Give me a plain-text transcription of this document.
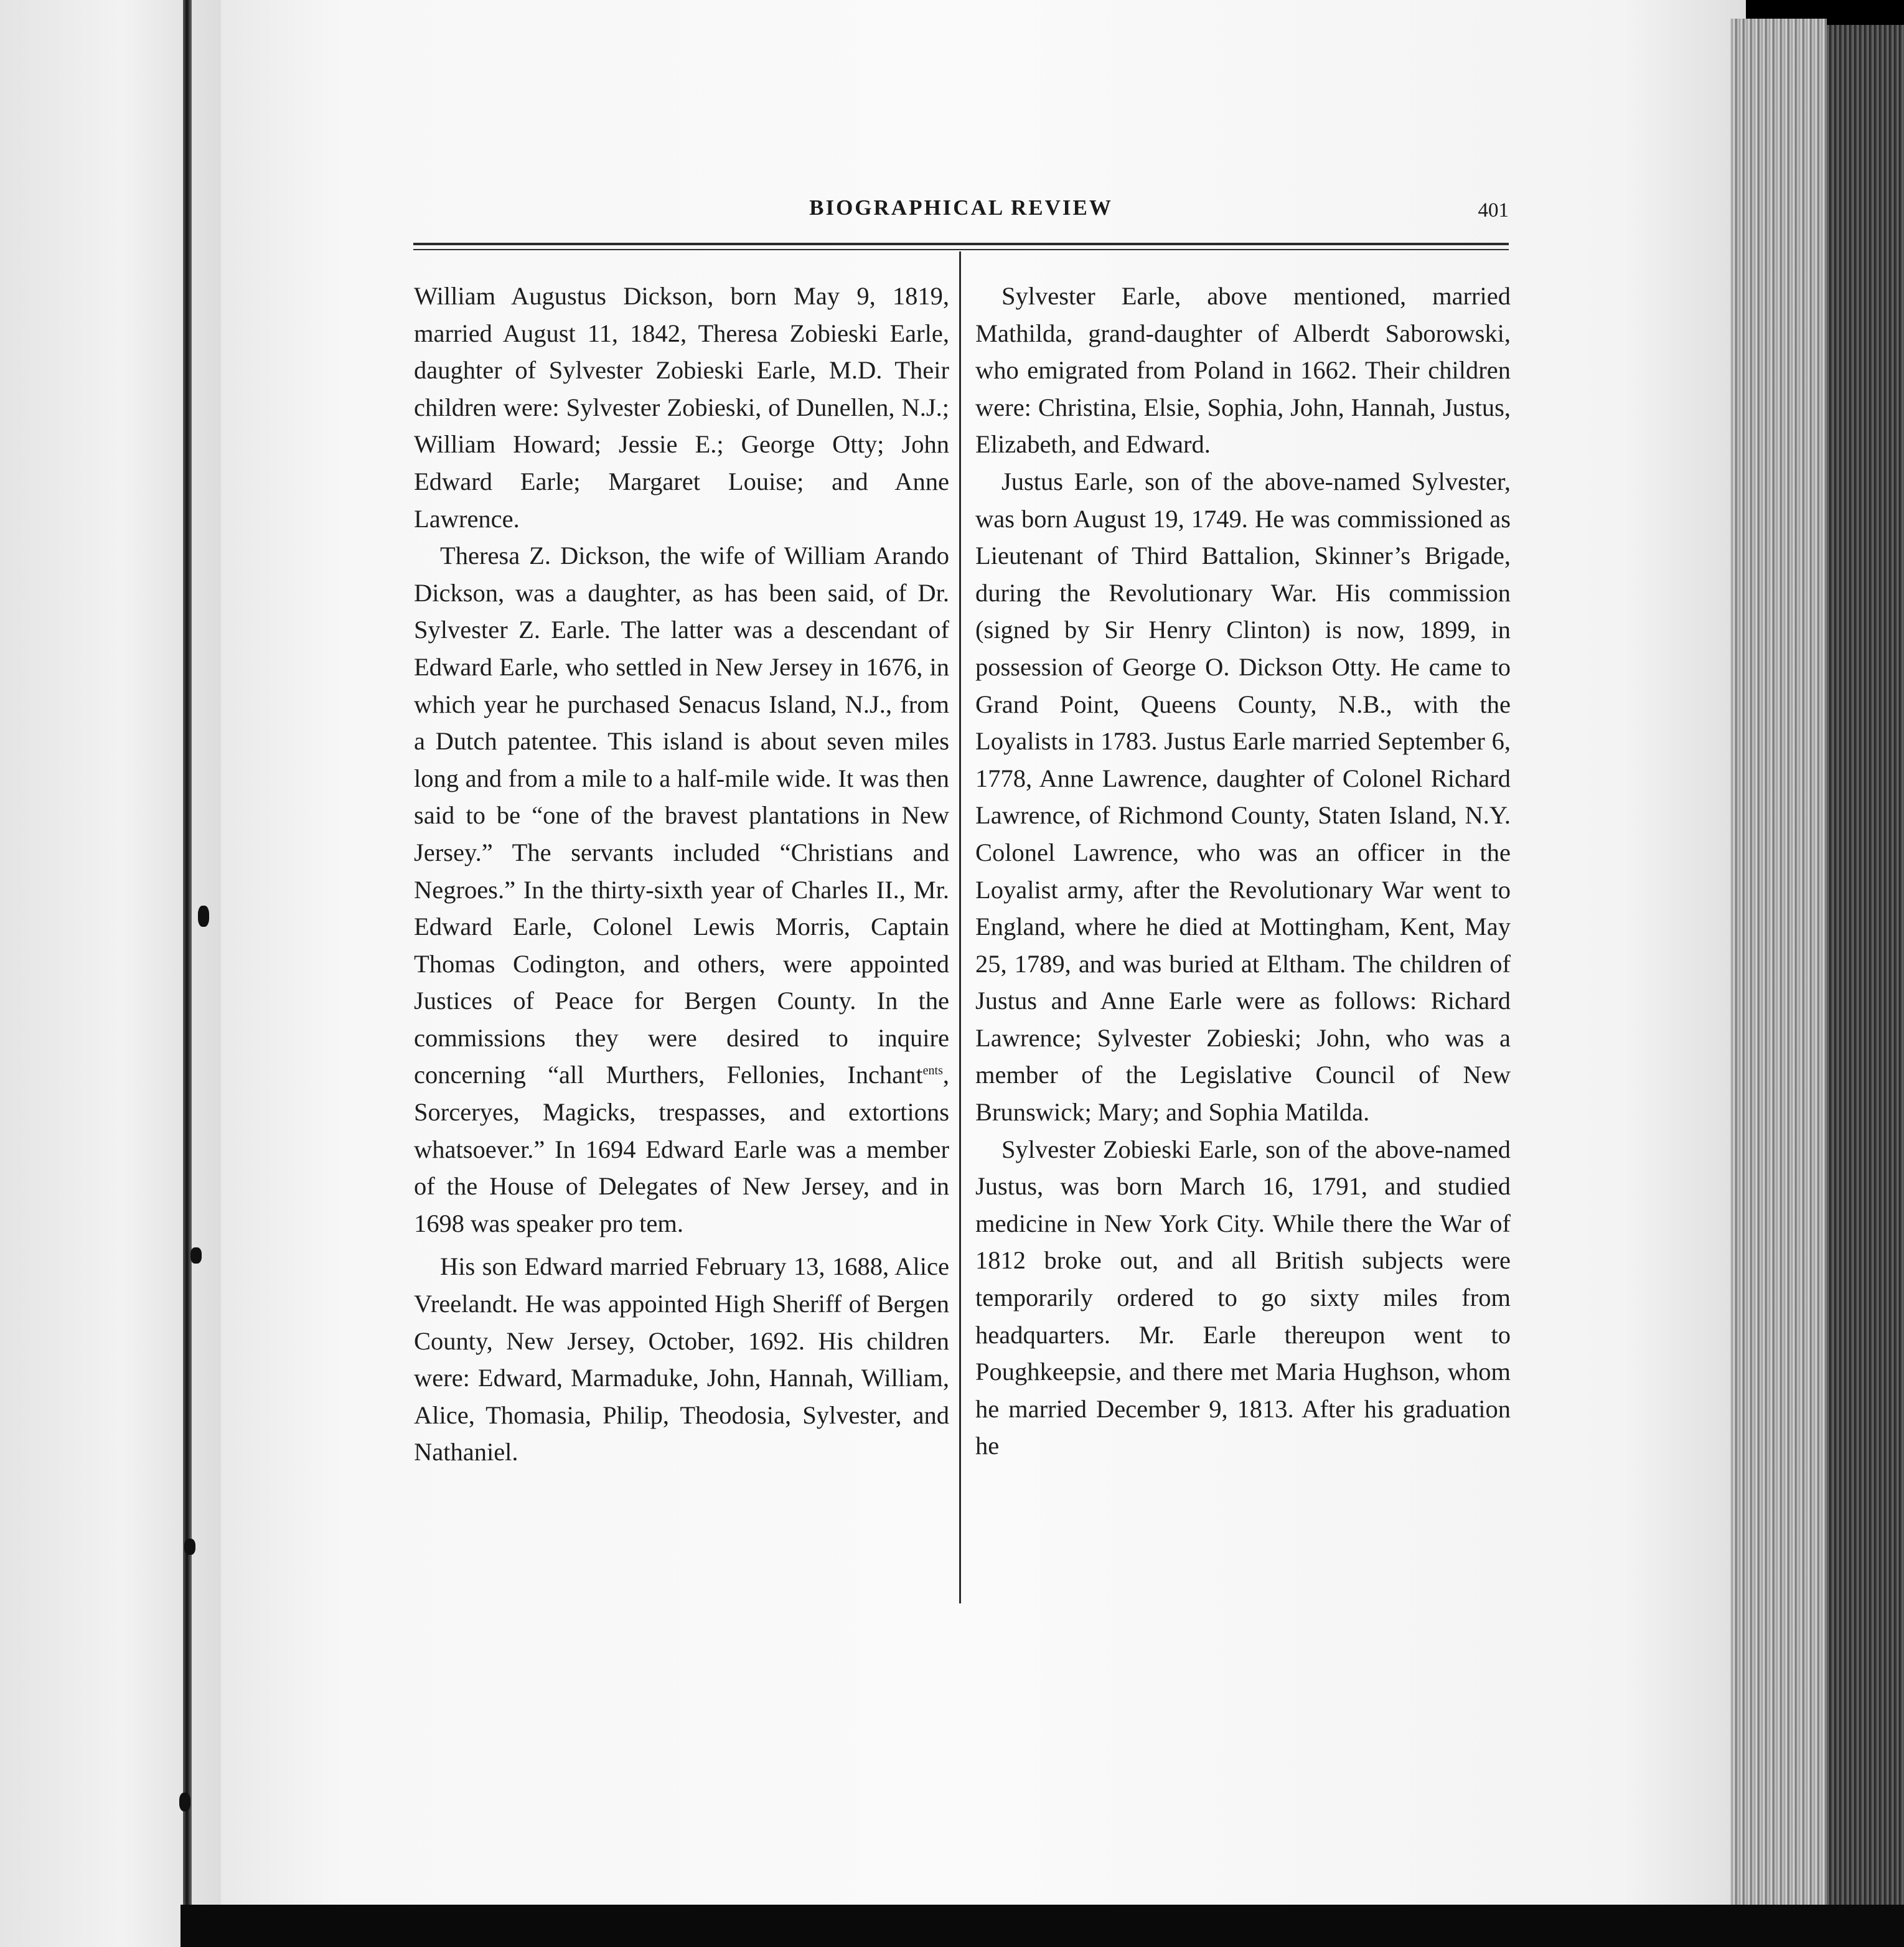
BIOGRAPHICAL REVIEW	401

William Augustus Dickson, born May 9, 1819, married August 11, 1842, Theresa Zobieski Earle, daughter of Sylvester Zobieski Earle, M.D. Their children were: Sylvester Zobieski, of Dunellen, N.J.; William Howard; Jessie E.; George Otty; John Edward Earle; Margaret Louise; and Anne Lawrence.

Theresa Z. Dickson, the wife of William Arando Dickson, was a daughter, as has been said, of Dr. Sylvester Z. Earle. The latter was a descendant of Edward Earle, who settled in New Jersey in 1676, in which year he purchased Senacus Island, N.J., from a Dutch patentee. This island is about seven miles long and from a mile to a half-mile wide. It was then said to be “one of the bravest plantations in New Jersey.” The servants included “Christians and Negroes.” In the thirty-sixth year of Charles II., Mr. Edward Earle, Colonel Lewis Morris, Captain Thomas Codington, and others, were appointed Justices of Peace for Bergen County. In the commissions they were desired to inquire concerning “all Murthers, Fellonies, Inchant$^{ents}$, Sorceryes, Magicks, trespasses, and extortions whatsoever.” In 1694 Edward Earle was a member of the House of Delegates of New Jersey, and in 1698 was speaker pro tem.

His son Edward married February 13, 1688, Alice Vreelandt. He was appointed High Sheriff of Bergen County, New Jersey, October, 1692. His children were: Edward, Marmaduke, John, Hannah, William, Alice, Thomasia, Philip, Theodosia, Sylvester, and Nathaniel.

Sylvester Earle, above mentioned, married Mathilda, grand-daughter of Alberdt Saborowski, who emigrated from Poland in 1662. Their children were: Christina, Elsie, Sophia, John, Hannah, Justus, Elizabeth, and Edward.

Justus Earle, son of the above-named Sylvester, was born August 19, 1749. He was commissioned as Lieutenant of Third Battalion, Skinner’s Brigade, during the Revolutionary War. His commission (signed by Sir Henry Clinton) is now, 1899, in possession of George O. Dickson Otty. He came to Grand Point, Queens County, N.B., with the Loyalists in 1783. Justus Earle married September 6, 1778, Anne Lawrence, daughter of Colonel Richard Lawrence, of Richmond County, Staten Island, N.Y. Colonel Lawrence, who was an officer in the Loyalist army, after the Revolutionary War went to England, where he died at Mottingham, Kent, May 25, 1789, and was buried at Eltham. The children of Justus and Anne Earle were as follows: Richard Lawrence; Sylvester Zobieski; John, who was a member of the Legislative Council of New Brunswick; Mary; and Sophia Matilda.

Sylvester Zobieski Earle, son of the above-named Justus, was born March 16, 1791, and studied medicine in New York City. While there the War of 1812 broke out, and all British subjects were temporarily ordered to go sixty miles from headquarters. Mr. Earle thereupon went to Poughkeepsie, and there met Maria Hughson, whom he married December 9, 1813. After his graduation he
